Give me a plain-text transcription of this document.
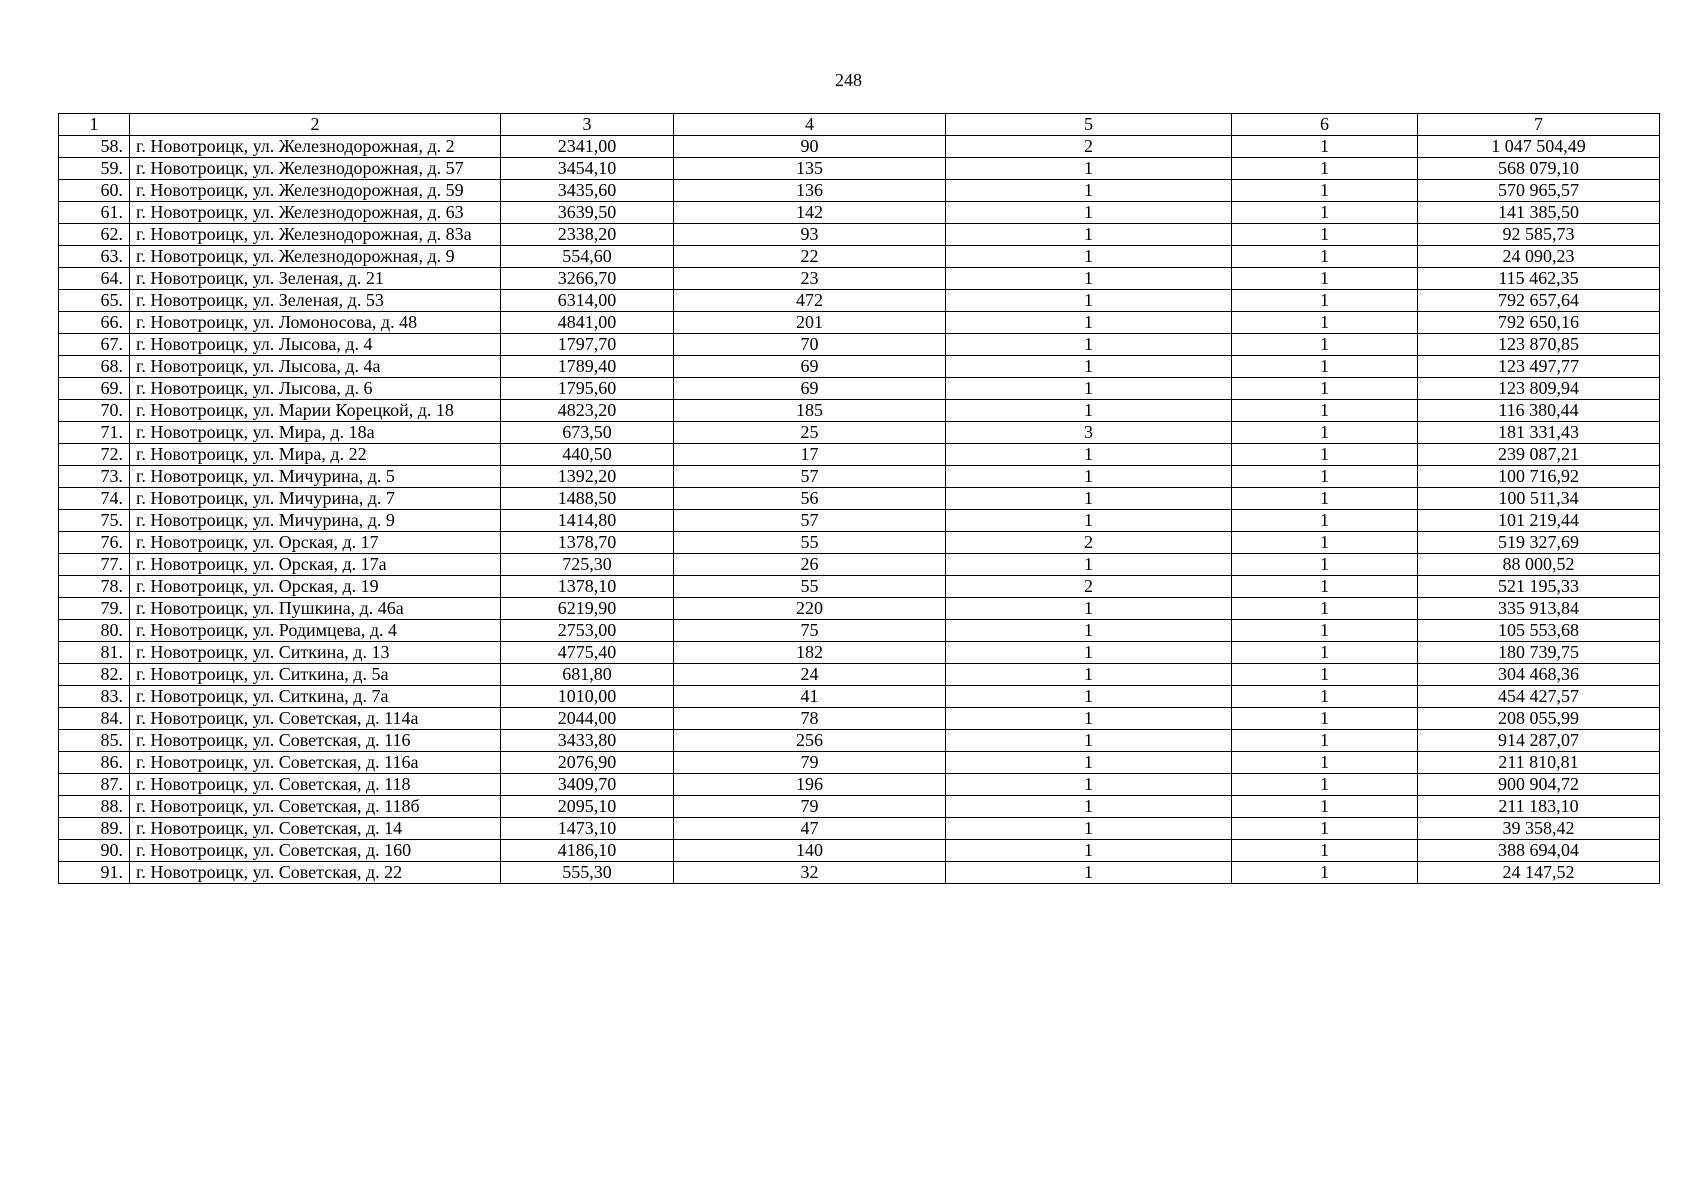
248
1	2	3	4	5	6	7
58.	г. Новотроицк, ул. Железнодорожная, д. 2	2341,00	90	2	1	1 047 504,49
59.	г. Новотроицк, ул. Железнодорожная, д. 57	3454,10	135	1	1	568 079,10
60.	г. Новотроицк, ул. Железнодорожная, д. 59	3435,60	136	1	1	570 965,57
61.	г. Новотроицк, ул. Железнодорожная, д. 63	3639,50	142	1	1	141 385,50
62.	г. Новотроицк, ул. Железнодорожная, д. 83а	2338,20	93	1	1	92 585,73
63.	г. Новотроицк, ул. Железнодорожная, д. 9	554,60	22	1	1	24 090,23
64.	г. Новотроицк, ул. Зеленая, д. 21	3266,70	23	1	1	115 462,35
65.	г. Новотроицк, ул. Зеленая, д. 53	6314,00	472	1	1	792 657,64
66.	г. Новотроицк, ул. Ломоносова, д. 48	4841,00	201	1	1	792 650,16
67.	г. Новотроицк, ул. Лысова, д. 4	1797,70	70	1	1	123 870,85
68.	г. Новотроицк, ул. Лысова, д. 4а	1789,40	69	1	1	123 497,77
69.	г. Новотроицк, ул. Лысова, д. 6	1795,60	69	1	1	123 809,94
70.	г. Новотроицк, ул. Марии Корецкой, д. 18	4823,20	185	1	1	116 380,44
71.	г. Новотроицк, ул. Мира, д. 18а	673,50	25	3	1	181 331,43
72.	г. Новотроицк, ул. Мира, д. 22	440,50	17	1	1	239 087,21
73.	г. Новотроицк, ул. Мичурина, д. 5	1392,20	57	1	1	100 716,92
74.	г. Новотроицк, ул. Мичурина, д. 7	1488,50	56	1	1	100 511,34
75.	г. Новотроицк, ул. Мичурина, д. 9	1414,80	57	1	1	101 219,44
76.	г. Новотроицк, ул. Орская, д. 17	1378,70	55	2	1	519 327,69
77.	г. Новотроицк, ул. Орская, д. 17а	725,30	26	1	1	88 000,52
78.	г. Новотроицк, ул. Орская, д. 19	1378,10	55	2	1	521 195,33
79.	г. Новотроицк, ул. Пушкина, д. 46а	6219,90	220	1	1	335 913,84
80.	г. Новотроицк, ул. Родимцева, д. 4	2753,00	75	1	1	105 553,68
81.	г. Новотроицк, ул. Ситкина, д. 13	4775,40	182	1	1	180 739,75
82.	г. Новотроицк, ул. Ситкина, д. 5а	681,80	24	1	1	304 468,36
83.	г. Новотроицк, ул. Ситкина, д. 7а	1010,00	41	1	1	454 427,57
84.	г. Новотроицк, ул. Советская, д. 114а	2044,00	78	1	1	208 055,99
85.	г. Новотроицк, ул. Советская, д. 116	3433,80	256	1	1	914 287,07
86.	г. Новотроицк, ул. Советская, д. 116а	2076,90	79	1	1	211 810,81
87.	г. Новотроицк, ул. Советская, д. 118	3409,70	196	1	1	900 904,72
88.	г. Новотроицк, ул. Советская, д. 118б	2095,10	79	1	1	211 183,10
89.	г. Новотроицк, ул. Советская, д. 14	1473,10	47	1	1	39 358,42
90.	г. Новотроицк, ул. Советская, д. 160	4186,10	140	1	1	388 694,04
91.	г. Новотроицк, ул. Советская, д. 22	555,30	32	1	1	24 147,52
